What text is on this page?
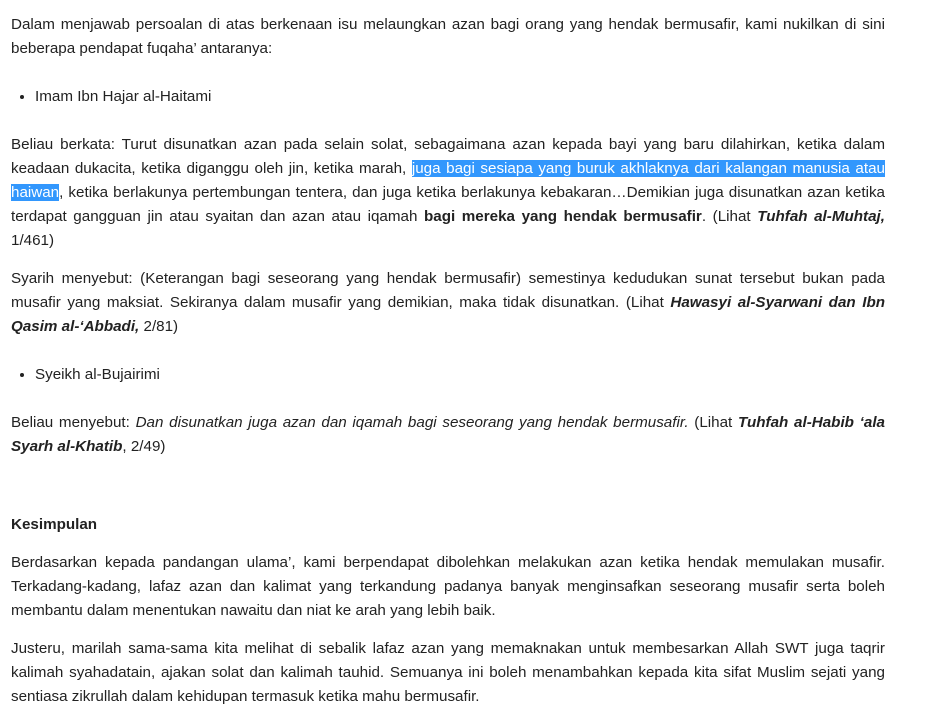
Dalam menjawab persoalan di atas berkenaan isu melaungkan azan bagi orang yang hendak bermusafir, kami nukilkan di sini beberapa pendapat fuqaha’ antaranya:

• Imam Ibn Hajar al-Haitami

Beliau berkata: Turut disunatkan azan pada selain solat, sebagaimana azan kepada bayi yang baru dilahirkan, ketika dalam keadaan dukacita, ketika diganggu oleh jin, ketika marah, juga bagi sesiapa yang buruk akhlaknya dari kalangan manusia atau haiwan, ketika berlakunya pertembungan tentera, dan juga ketika berlakunya kebakaran…Demikian juga disunatkan azan ketika terdapat gangguan jin atau syaitan dan azan atau iqamah bagi mereka yang hendak bermusafir. (Lihat Tuhfah al-Muhtaj, 1/461)

Syarih menyebut: (Keterangan bagi seseorang yang hendak bermusafir) semestinya kedudukan sunat tersebut bukan pada musafir yang maksiat. Sekiranya dalam musafir yang demikian, maka tidak disunatkan. (Lihat Hawasyi al-Syarwani dan Ibn Qasim al-‘Abbadi, 2/81)

• Syeikh al-Bujairimi

Beliau menyebut: Dan disunatkan juga azan dan iqamah bagi seseorang yang hendak bermusafir. (Lihat Tuhfah al-Habib ‘ala Syarh al-Khatib, 2/49)

Kesimpulan

Berdasarkan kepada pandangan ulama’, kami berpendapat dibolehkan melakukan azan ketika hendak memulakan musafir. Terkadang-kadang, lafaz azan dan kalimat yang terkandung padanya banyak menginsafkan seseorang musafir serta boleh membantu dalam menentukan nawaitu dan niat ke arah yang lebih baik.

Justeru, marilah sama-sama kita melihat di sebalik lafaz azan yang memaknakan untuk membesarkan Allah SWT juga taqrir kalimah syahadatain, ajakan solat dan kalimah tauhid. Semuanya ini boleh menambahkan kepada kita sifat Muslim sejati yang sentiasa zikrullah dalam kehidupan termasuk ketika mahu bermusafir.
